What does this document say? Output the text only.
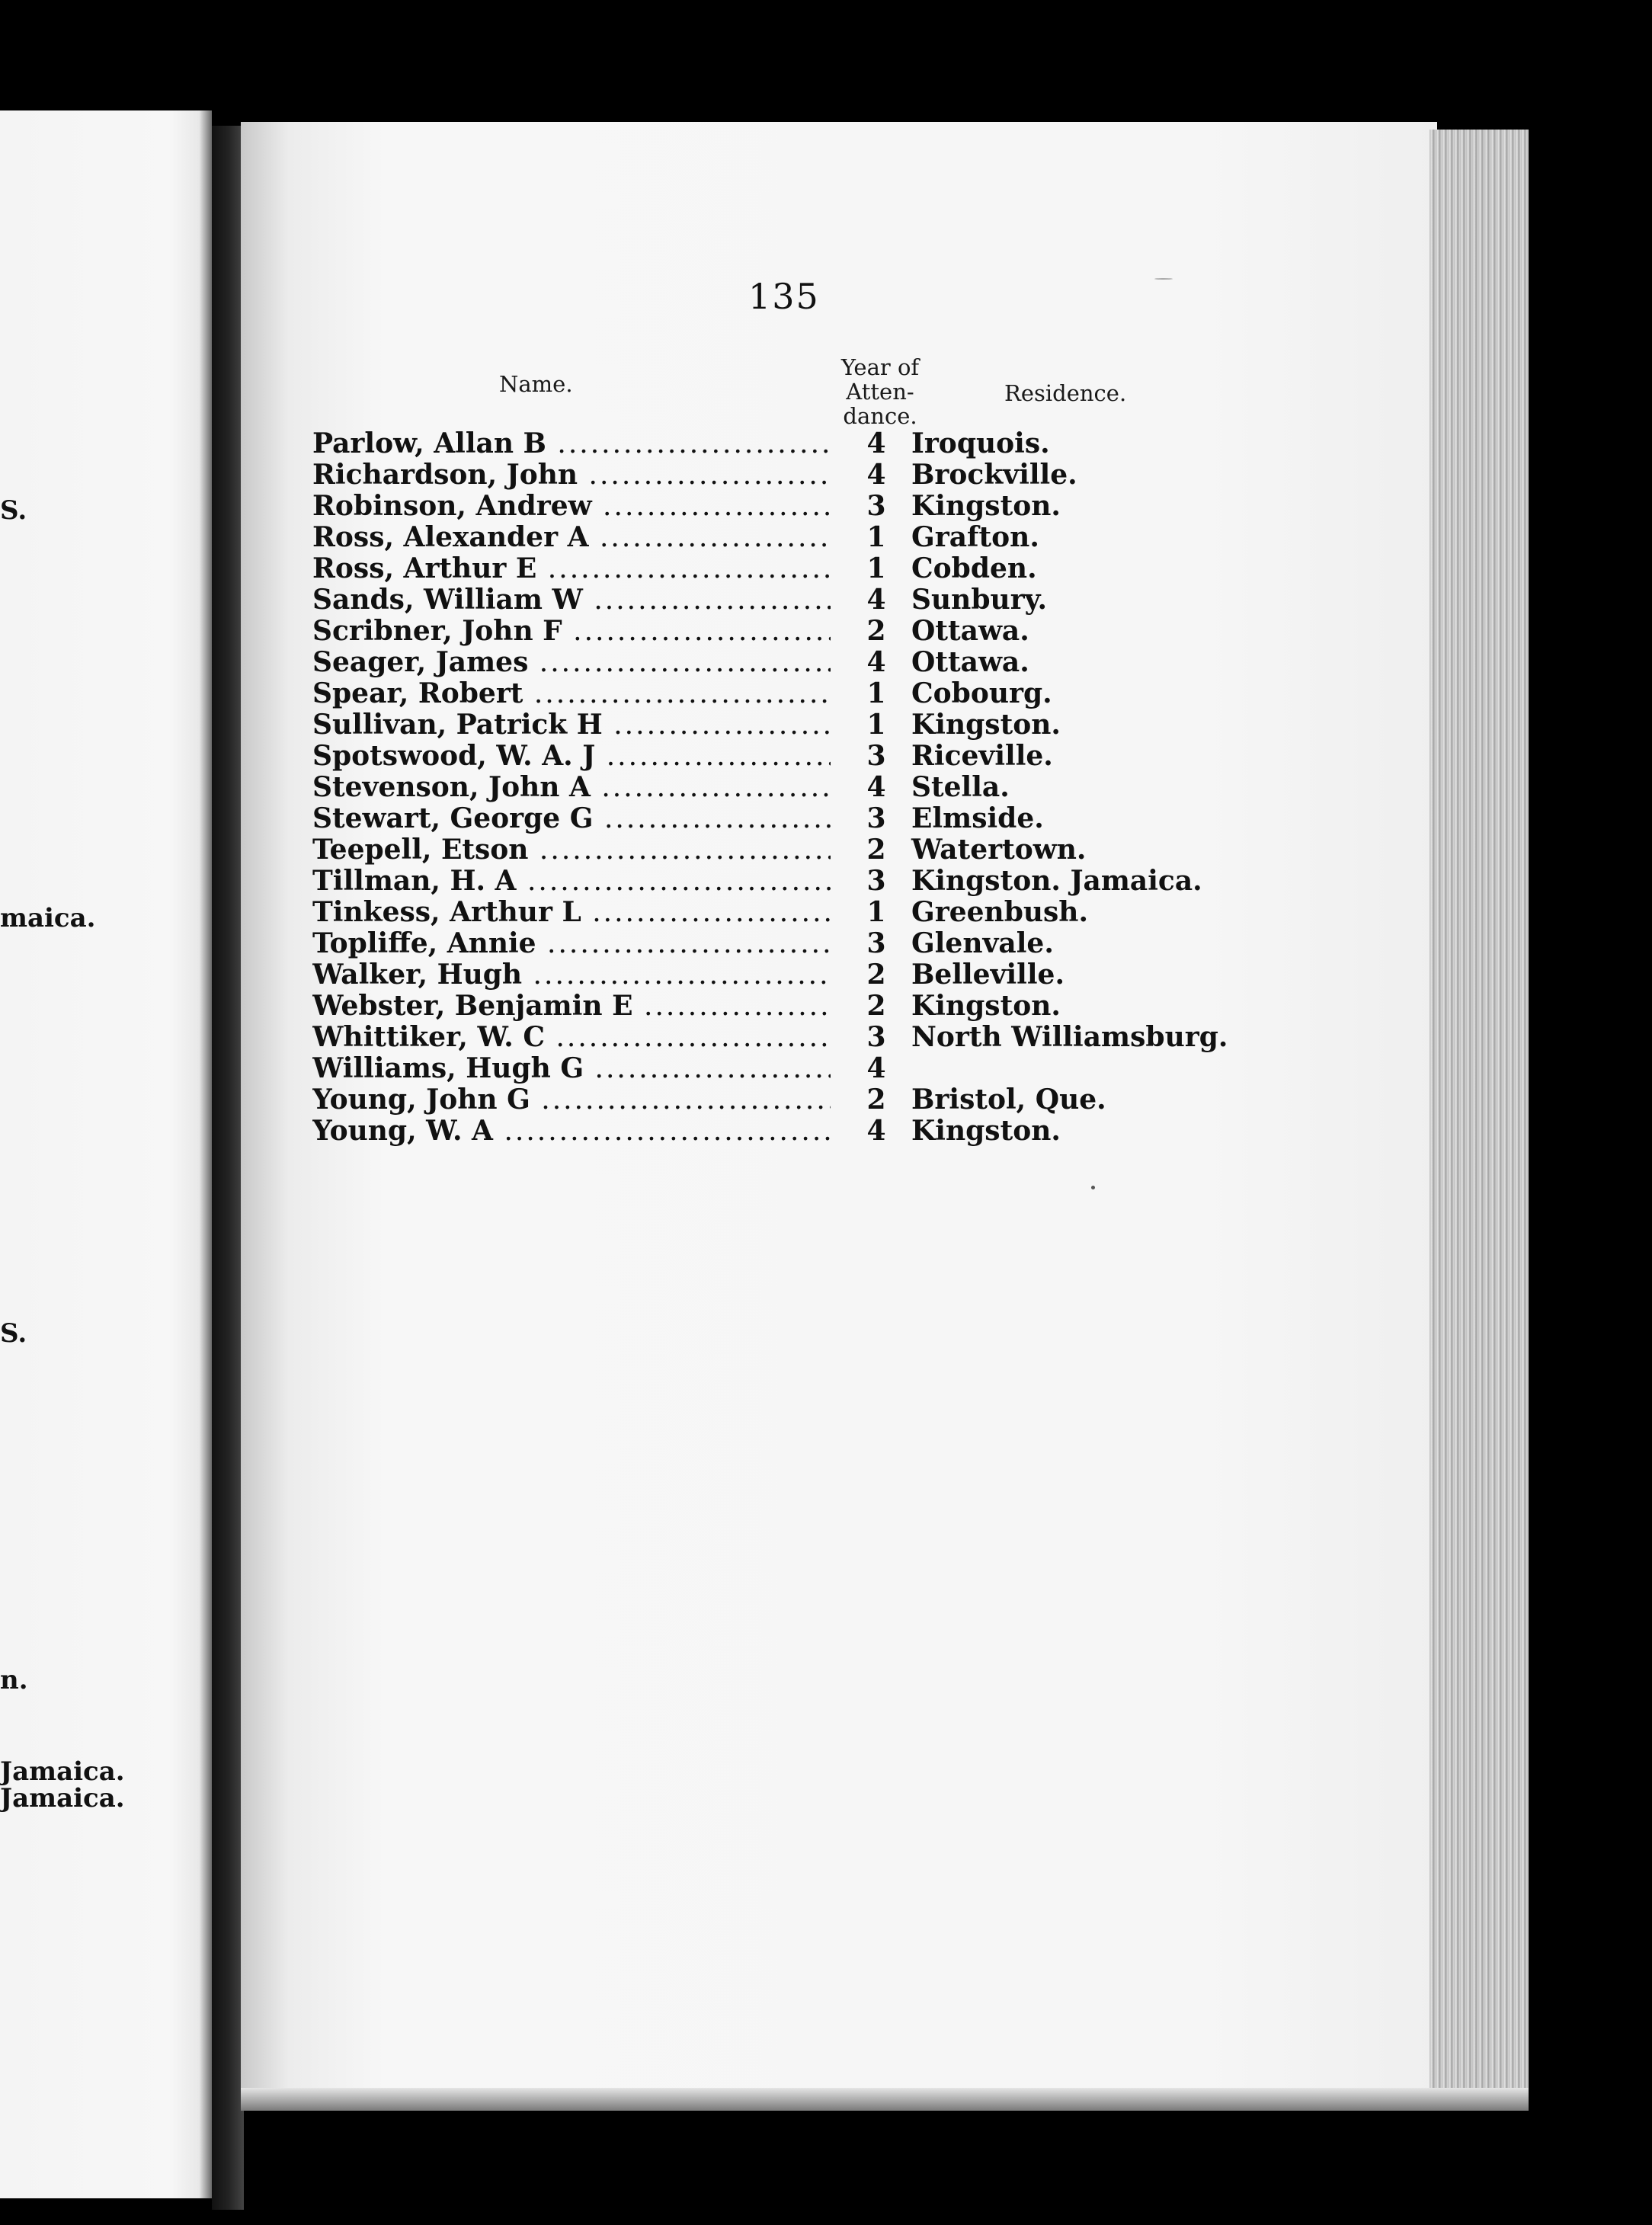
S.
maica.
S.
n.
Jamaica.
Jamaica.
135
Name.
Year of
Atten-
dance.
Residence.
Parlow, Allan B .....	4 Iroquois.
Richardson, John .....	4 Brockville.
Robinson, Andrew .....	3 Kingston.
Ross, Alexander A .....	1 Grafton.
Ross, Arthur E .....	1 Cobden.
Sands, William W .....	4 Sunbury.
Scribner, John F .....	2 Ottawa.
Seager, James .....	4 Ottawa.
Spear, Robert .....	1 Cobourg.
Sullivan, Patrick H .....	1 Kingston.
Spotswood, W. A. J .....	3 Riceville.
Stevenson, John A .....	4 Stella.
Stewart, George G .....	3 Elmside.
Teepell, Etson .....	2 Watertown.
Tillman, H. A .....	3 Kingston. Jamaica.
Tinkess, Arthur L .....	1 Greenbush.
Topliffe, Annie .....	3 Glenvale.
Walker, Hugh .....	2 Belleville.
Webster, Benjamin E .....	2 Kingston.
Whittiker, W. C .....	3 North Williamsburg.
Williams, Hugh G .....	4
Young, John G .....	2 Bristol, Que.
Young, W. A .....	4 Kingston.
